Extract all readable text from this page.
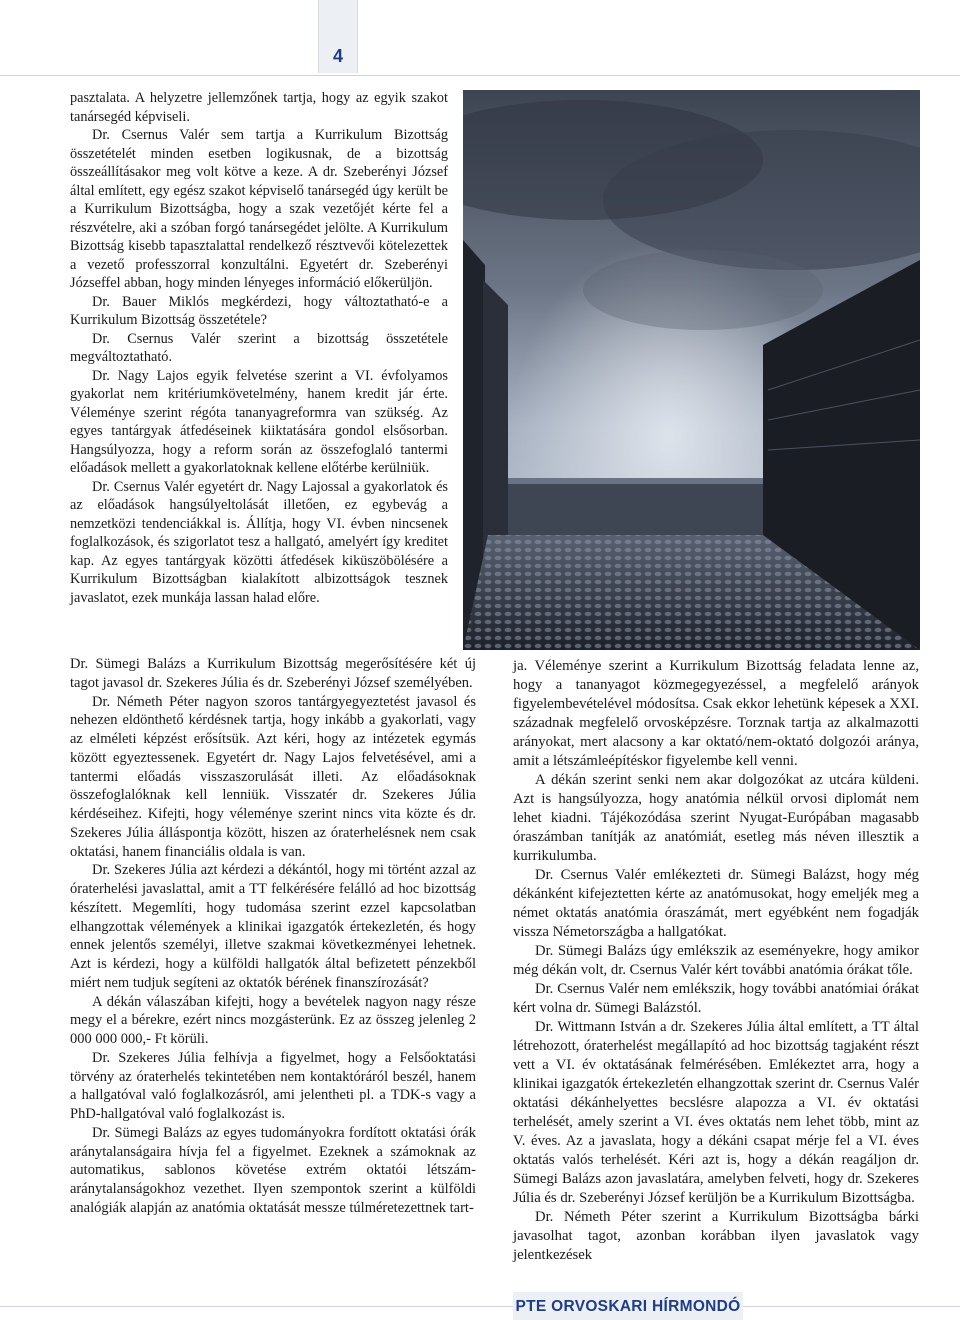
4

pasztalata. A helyzetre jellemzőnek tartja, hogy az egyik szakot tanársegéd képviseli.

Dr. Csernus Valér sem tartja a Kurrikulum Bizottság összetételét minden esetben logikusnak, de a bizottság összeállításakor meg volt kötve a keze. A dr. Szeberényi József által említett, egy egész szakot képviselő tanársegéd úgy került be a Kurrikulum Bizottságba, hogy a szak vezetőjét kérte fel a részvételre, aki a szóban forgó tanársegédet jelölte. A Kurrikulum Bizottság kisebb tapasztalattal rendelkező résztvevői kötelezettek a vezető professzorral konzultálni. Egyetért dr. Szeberényi Józseffel abban, hogy minden lényeges információ előkerüljön.

Dr. Bauer Miklós megkérdezi, hogy változtatható-e a Kurrikulum Bizottság összetétele?

Dr. Csernus Valér szerint a bizottság összetétele megváltoztatható.

Dr. Nagy Lajos egyik felvetése szerint a VI. évfolyamos gyakorlat nem kritériumkövetelmény, hanem kredit jár érte. Véleménye szerint régóta tananyagreformra van szükség. Az egyes tantárgyak átfedéseinek kiiktatására gondol elsősorban. Hangsúlyozza, hogy a reform során az összefoglaló tantermi előadások mellett a gyakorlatoknak kellene előtérbe kerülniük.

Dr. Csernus Valér egyetért dr. Nagy Lajossal a gyakorlatok és az előadások hangsúlyeltolását illetően, ez egybevág a nemzetközi tendenciákkal is. Állítja, hogy VI. évben nincsenek foglalkozások, és szigorlatot tesz a hallgató, amelyért így kreditet kap. Az egyes tantárgyak közötti átfedések kiküszöbölésére a Kurrikulum Bizottságban kialakított albizottságok tesznek javaslatot, ezek munkája lassan halad előre.

Dr. Sümegi Balázs a Kurrikulum Bizottság megerősítésére két új tagot javasol dr. Szekeres Júlia és dr. Szeberényi József személyében.

Dr. Németh Péter nagyon szoros tantárgyegyeztetést javasol és nehezen eldönthető kérdésnek tartja, hogy inkább a gyakorlati, vagy az elméleti képzést erősítsük. Azt kéri, hogy az intézetek egymás között egyeztessenek. Egyetért dr. Nagy Lajos felvetésével, ami a tantermi előadás visszaszorulását illeti. Az előadásoknak összefoglalóknak kell lenniük. Visszatér dr. Szekeres Júlia kérdéseihez. Kifejti, hogy véleménye szerint nincs vita közte és dr. Szekeres Júlia álláspontja között, hiszen az óraterhelésnek nem csak oktatási, hanem financiális oldala is van.

Dr. Szekeres Júlia azt kérdezi a dékántól, hogy mi történt azzal az óraterhelési javaslattal, amit a TT felkérésére felálló ad hoc bizottság készített. Megemlíti, hogy tudomása szerint ezzel kapcsolatban elhangzottak vélemények a klinikai igazgatók értekezletén, és hogy ennek jelentős személyi, illetve szakmai következményei lehetnek. Azt is kérdezi, hogy a külföldi hallgatók által befizetett pénzekből miért nem tudjuk segíteni az oktatók bérének finanszírozását?

A dékán válaszában kifejti, hogy a bevételek nagyon nagy része megy el a bérekre, ezért nincs mozgásterünk. Ez az összeg jelenleg 2 000 000 000,- Ft körüli.

Dr. Szekeres Júlia felhívja a figyelmet, hogy a Felsőoktatási törvény az óraterhelés tekintetében nem kontaktóráról beszél, hanem a hallgatóval való foglalkozásról, ami jelentheti pl. a TDK-s vagy a PhD-hallgatóval való foglalkozást is.

Dr. Sümegi Balázs az egyes tudományokra fordított oktatási órák aránytalanságaira hívja fel a figyelmet. Ezeknek a számoknak az automatikus, sablonos követése extrém oktatói létszám-aránytalanságokhoz vezethet. Ilyen szempontok szerint a külföldi analógiák alapján az anatómia oktatását messze túlméretezettnek tart-

ja. Véleménye szerint a Kurrikulum Bizottság feladata lenne az, hogy a tananyagot közmegegyezéssel, a megfelelő arányok figyelembevételével módosítsa. Csak ekkor lehetünk képesek a XXI. századnak megfelelő orvosképzésre. Torznak tartja az alkalmazotti arányokat, mert alacsony a kar oktató/nem-oktató dolgozói aránya, amit a létszámleépítéskor figyelembe kell venni.

A dékán szerint senki nem akar dolgozókat az utcára küldeni. Azt is hangsúlyozza, hogy anatómia nélkül orvosi diplomát nem lehet kiadni. Tájékozódása szerint Nyugat-Európában magasabb óraszámban tanítják az anatómiát, esetleg más néven illesztik a kurrikulumba.

Dr. Csernus Valér emlékezteti dr. Sümegi Balázst, hogy még dékánként kifejeztetten kérte az anatómusokat, hogy emeljék meg a német oktatás anatómia óraszámát, mert egyébként nem fogadják vissza Németországba a hallgatókat.

Dr. Sümegi Balázs úgy emlékszik az eseményekre, hogy amikor még dékán volt, dr. Csernus Valér kért további anatómia órákat tőle.

Dr. Csernus Valér nem emlékszik, hogy további anatómiai órákat kért volna dr. Sümegi Balázstól.

Dr. Wittmann István a dr. Szekeres Júlia által említett, a TT által létrehozott, óraterhelést megállapító ad hoc bizottság tagjaként részt vett a VI. év oktatásának felmérésében. Emlékeztet arra, hogy a klinikai igazgatók értekezletén elhangzottak szerint dr. Csernus Valér oktatási dékánhelyettes becslésre alapozza a VI. év oktatási terhelését, amely szerint a VI. éves oktatás nem lehet több, mint az V. éves. Az a javaslata, hogy a dékáni csapat mérje fel a VI. éves oktatás valós terhelését. Kéri azt is, hogy a dékán reagáljon dr. Sümegi Balázs azon javaslatára, amelyben felveti, hogy dr. Szekeres Júlia és dr. Szeberényi József kerüljön be a Kurrikulum Bizottságba.

Dr. Németh Péter szerint a Kurrikulum Bizottságba bárki javasolhat tagot, azonban korábban ilyen javaslatok vagy jelentkezések

PTE ORVOSKARI HÍRMONDÓ
